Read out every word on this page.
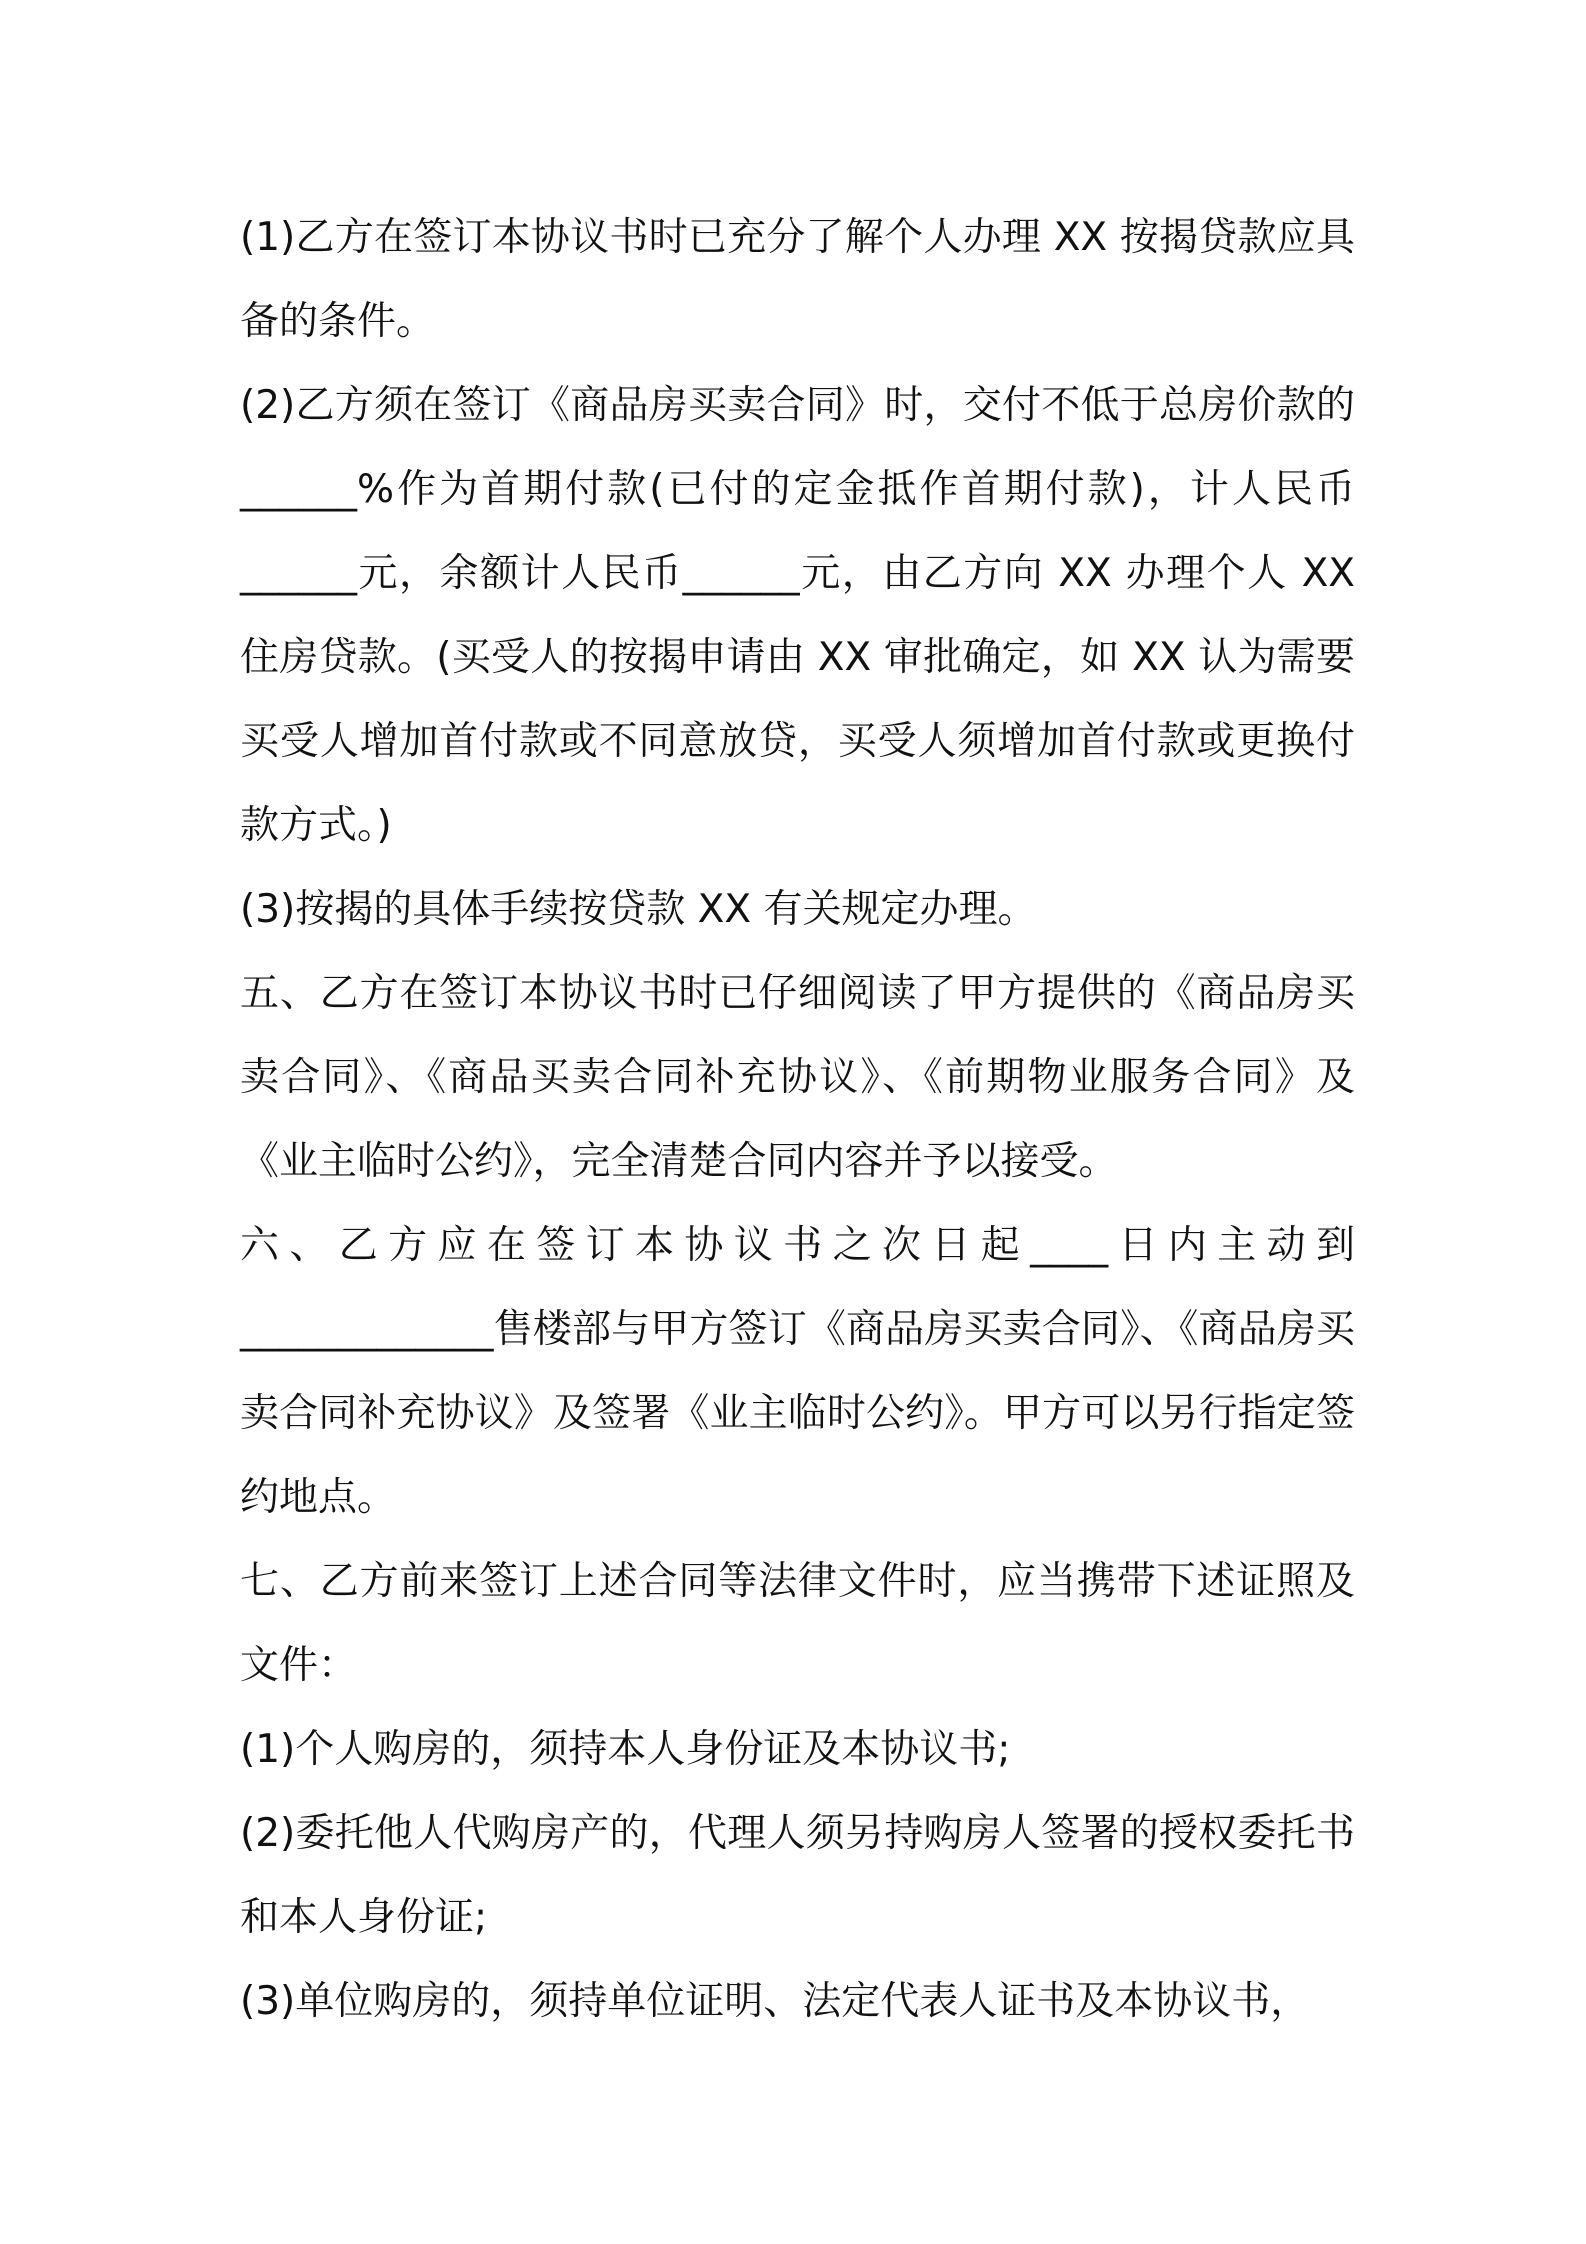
(1)乙方在签订本协议书时已充分了解个人办理 XX 按揭贷款应具备的条件。

(2)乙方须在签订《商品房买卖合同》时，交付不低于总房价款的______%作为首期付款(已付的定金抵作首期付款)，计人民币______元，余额计人民币______元，由乙方向 XX 办理个人 XX 住房贷款。(买受人的按揭申请由 XX 审批确定，如 XX 认为需要买受人增加首付款或不同意放贷，买受人须增加首付款或更换付款方式。)

(3)按揭的具体手续按贷款 XX 有关规定办理。

五、乙方在签订本协议书时已仔细阅读了甲方提供的《商品房买卖合同》、《商品买卖合同补充协议》、《前期物业服务合同》及《业主临时公约》，完全清楚合同内容并予以接受。

六、乙方应在签订本协议书之次日起____日内主动到

_____________售楼部与甲方签订《商品房买卖合同》、《商品房买卖合同补充协议》及签署《业主临时公约》。甲方可以另行指定签约地点。

七、乙方前来签订上述合同等法律文件时，应当携带下述证照及文件：

(1)个人购房的，须持本人身份证及本协议书;

(2)委托他人代购房产的，代理人须另持购房人签署的授权委托书和本人身份证;

(3)单位购房的，须持单位证明、法定代表人证书及本协议书，
